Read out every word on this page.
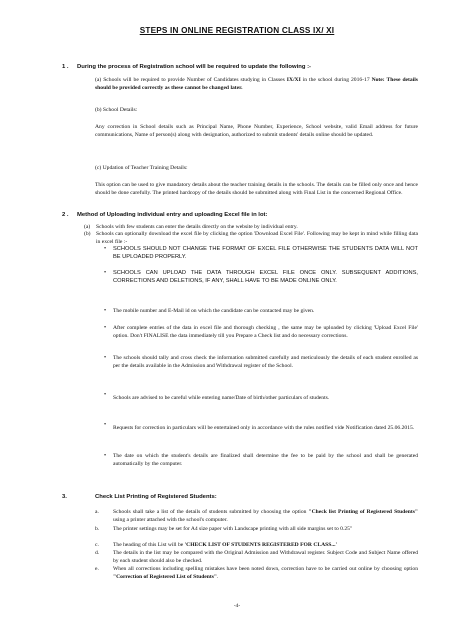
STEPS IN ONLINE REGISTRATION CLASS IX/ XI
1 . During the process of Registration school will be required to update the following :-
(a) Schools will be required to provide Number of Candidates studying in Classes IX/XI in the school during 2016-17 Note: These details should be provided correctly as these cannot be changed later.
(b) School Details:
Any correction in School details such as Principal Name, Phone Number, Experience, School website, valid Email address for future communications, Name of person(s) along with designation, authorized to submit students' details online should be updated.
(c) Updation of Teacher Training Details:
This option can be used to give mandatory details about the teacher training details in the schools. The details can be filled only once and hence should be done carefully. The printed hardcopy of the details should be submitted along with Final List in the concerned Regional Office.
2 . Method of Uploading individual entry and uploading Excel file in lot:
(a) Schools with few students can enter the details directly on the website by individual entry.
(b) Schools can optionally download the excel file by clicking the option 'Download Excel File'. Following may be kept in mind while filling data in excel file :-
• SCHOOLS SHOULD NOT CHANGE THE FORMAT OF EXCEL FILE OTHERWISE THE STUDENTS DATA WILL NOT BE UPLOADED PROPERLY.
• SCHOOLS CAN UPLOAD THE DATA THROUGH EXCEL FILE ONCE ONLY. SUBSEQUENT ADDITIONS, CORRECTIONS AND DELETIONS, IF ANY, SHALL HAVE TO BE MADE ONLINE ONLY.
• The mobile number and E-Mail id on which the candidate can be contacted may be given.
• After complete entries of the data in excel file and thorough checking , the same may be uploaded by clicking 'Upload Excel File' option. Don't FINALISE the data immediately till you Prepare a Check list and do necessary corrections.
• The schools should tally and cross check the information submitted carefully and meticulously the details of each student enrolled as per the details available in the Admission and Withdrawal register of the School.
• Schools are advised to be careful while entering name/Date of birth/other particulars of students.
• Requests for correction in particulars will be entertained only in accordance with the rules notified vide Notification dated 25.06.2015.
• The date on which the student's details are finalized shall determine the fee to be paid by the school and shall be generated automatically by the computer.
3.	Check List Printing of Registered Students:
a.	Schools shall take a list of the details of students submitted by choosing the option "Check list Printing of Registered Students" using a printer attached with the school's computer.
b. The printer settings may be set for A4 size paper with Landscape printing with all side margins set to 0.25"
c.	The heading of this List will be 'CHECK LIST OF STUDENTS REGISTERED FOR CLASS...'
d. The details in the list may be compared with the Original Admission and Withdrawal register. Subject Code and Subject Name offered by each student should also be checked.
e.	When all corrections including spelling mistakes have been noted down, correction have to be carried out online by choosing option "Correction of Registered List of Students".
-4-
